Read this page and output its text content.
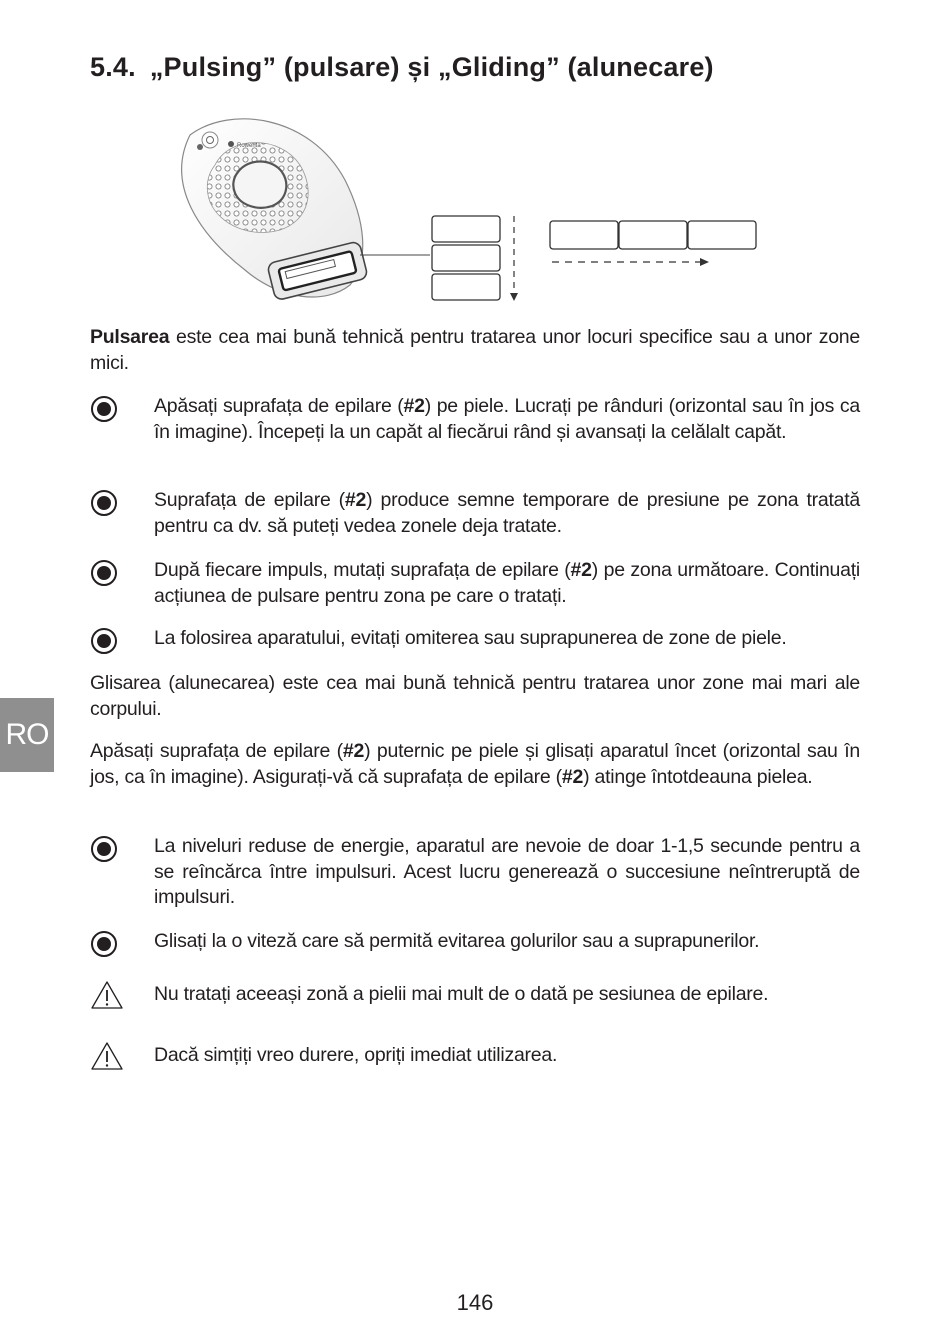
5.4. „Pulsing” (pulsare) și „Gliding” (alunecare)
Rowenta
Pulsarea este cea mai bună tehnică pentru tratarea unor locuri specifice sau a unor zone mici.
Apăsați suprafața de epilare (#2) pe piele. Lucrați pe rânduri (orizontal sau în jos ca în imagine). Începeți la un capăt al fiecărui rând și avansați la celălalt capăt.
Suprafața de epilare (#2) produce semne temporare de presiune pe zona tratată pentru ca dv. să puteți vedea zonele deja tratate.
După fiecare impuls, mutați suprafața de epilare (#2) pe zona următoare. Continuați acțiunea de pulsare pentru zona pe care o tratați.
La folosirea aparatului, evitați omiterea sau suprapunerea de zone de piele.
RO
Glisarea (alunecarea) este cea mai bună tehnică pentru tratarea unor zone mai mari ale corpului.
Apăsați suprafața de epilare (#2) puternic pe piele și glisați aparatul încet (orizontal sau în jos, ca în imagine). Asigurați-vă că suprafața de epilare (#2) atinge întotdeauna pielea.
La niveluri reduse de energie, aparatul are nevoie de doar 1-1,5 secunde pentru a se reîncărca între impulsuri. Acest lucru generează o succesiune neîntreruptă de impulsuri.
Glisați la o viteză care să permită evitarea golurilor sau a suprapunerilor.
Nu tratați aceeași zonă a pielii mai mult de o dată pe sesiunea de epilare.
Dacă simțiți vreo durere, opriți imediat utilizarea.
146
